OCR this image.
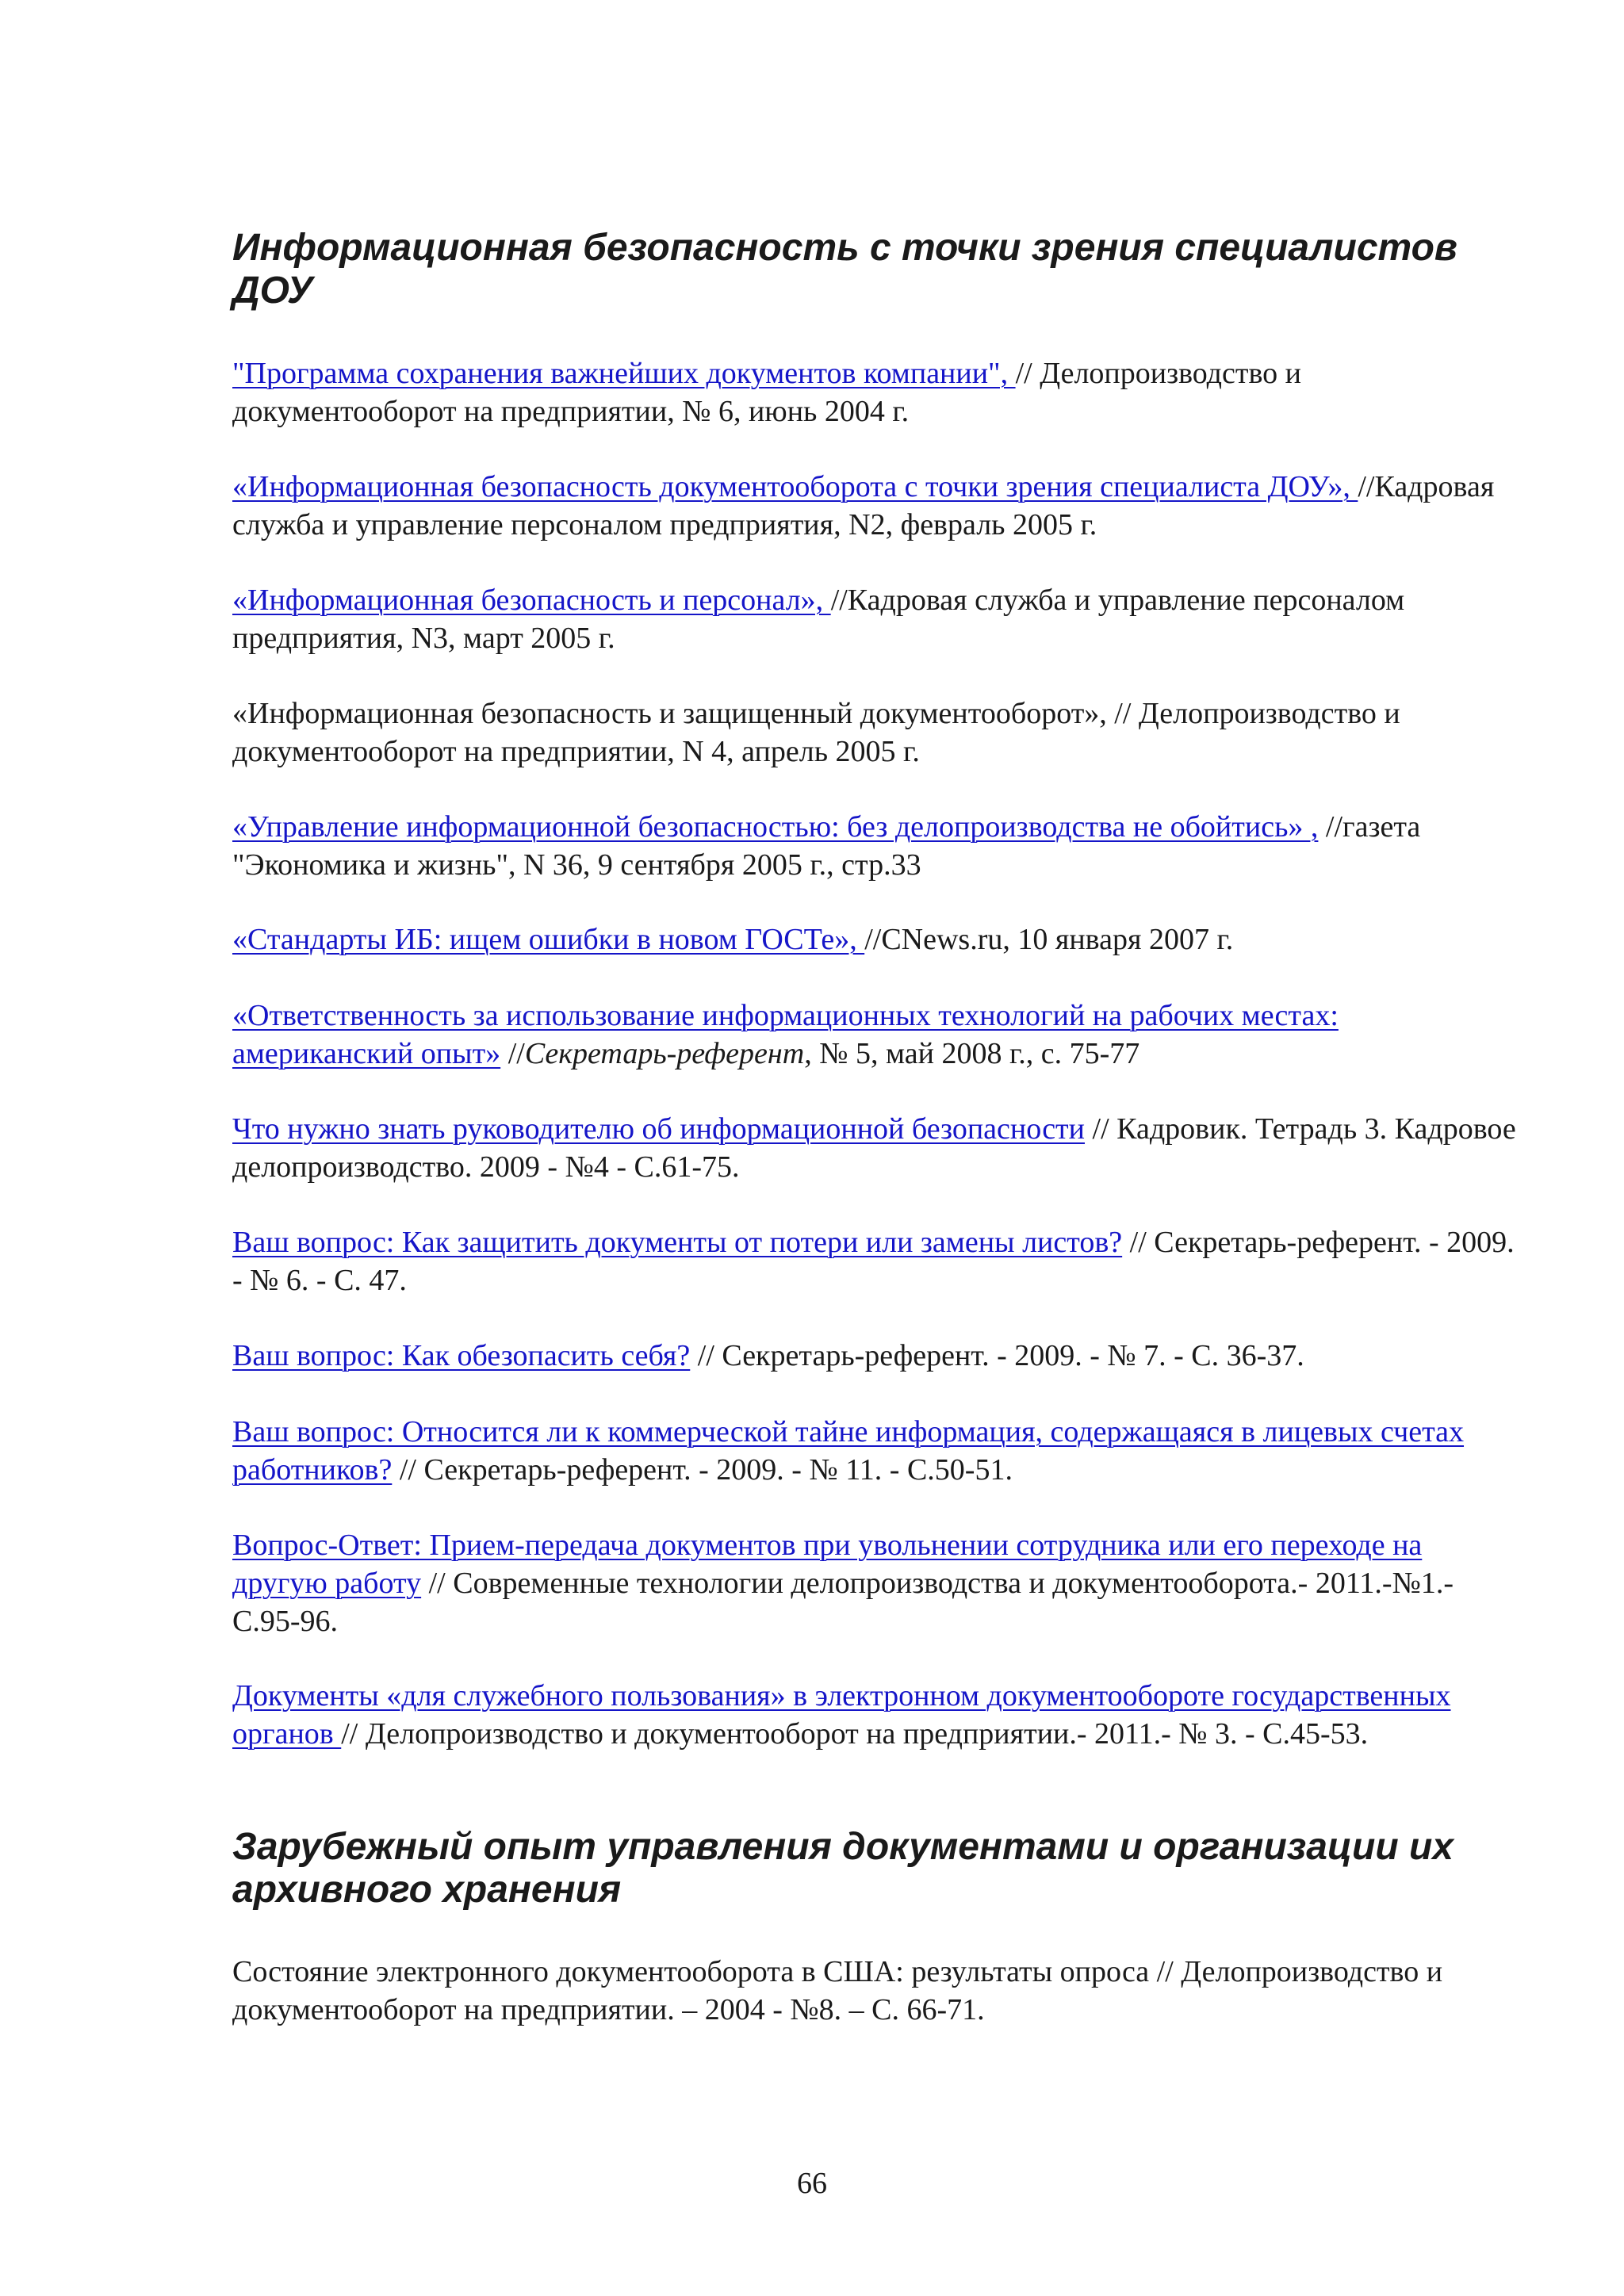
Информационная безопасность с точки зрения специалистов ДОУ

"Программа сохранения важнейших документов компании", // Делопроизводство и документооборот на предприятии, № 6, июнь 2004 г.

«Информационная безопасность документооборота с точки зрения специалиста ДОУ», //Кадровая служба и управление персоналом предприятия, N2, февраль 2005 г.

«Информационная безопасность и персонал», //Кадровая служба и управление персоналом предприятия, N3, март 2005 г.

«Информационная безопасность и защищенный документооборот», // Делопроизводство и документооборот на предприятии, N 4, апрель 2005 г.

«Управление информационной безопасностью: без делопроизводства не обойтись» , //газета "Экономика и жизнь", N 36, 9 сентября 2005 г., стр.33

«Стандарты ИБ: ищем ошибки в новом ГОСТе», //CNews.ru, 10 января 2007 г.

«Ответственность за использование информационных технологий на рабочих местах: американский опыт» //Секретарь-референт, № 5, май 2008 г., с. 75-77

Что нужно знать руководителю об информационной безопасности // Кадровик. Тетрадь 3. Кадровое делопроизводство. 2009 - №4 - С.61-75.

Ваш вопрос: Как защитить документы от потери или замены листов? // Секретарь-референт. - 2009. - № 6. - С. 47.

Ваш вопрос: Как обезопасить себя? // Секретарь-референт. - 2009. - № 7. - С. 36-37.

Ваш вопрос: Относится ли к коммерческой тайне информация, содержащаяся в лицевых счетах работников? // Секретарь-референт. - 2009. - № 11. - С.50-51.

Вопрос-Ответ: Прием-передача документов при увольнении сотрудника или его переходе на другую работу // Современные технологии делопроизводства и документооборота.- 2011.-№1.- С.95-96.

Документы «для служебного пользования» в электронном документообороте государственных органов // Делопроизводство и документооборот на предприятии.- 2011.- № 3. - С.45-53.

Зарубежный опыт управления документами и организации их архивного хранения

Состояние электронного документооборота в США: результаты опроса // Делопроизводство и документооборот на предприятии. – 2004 - №8. – С. 66-71.

66
